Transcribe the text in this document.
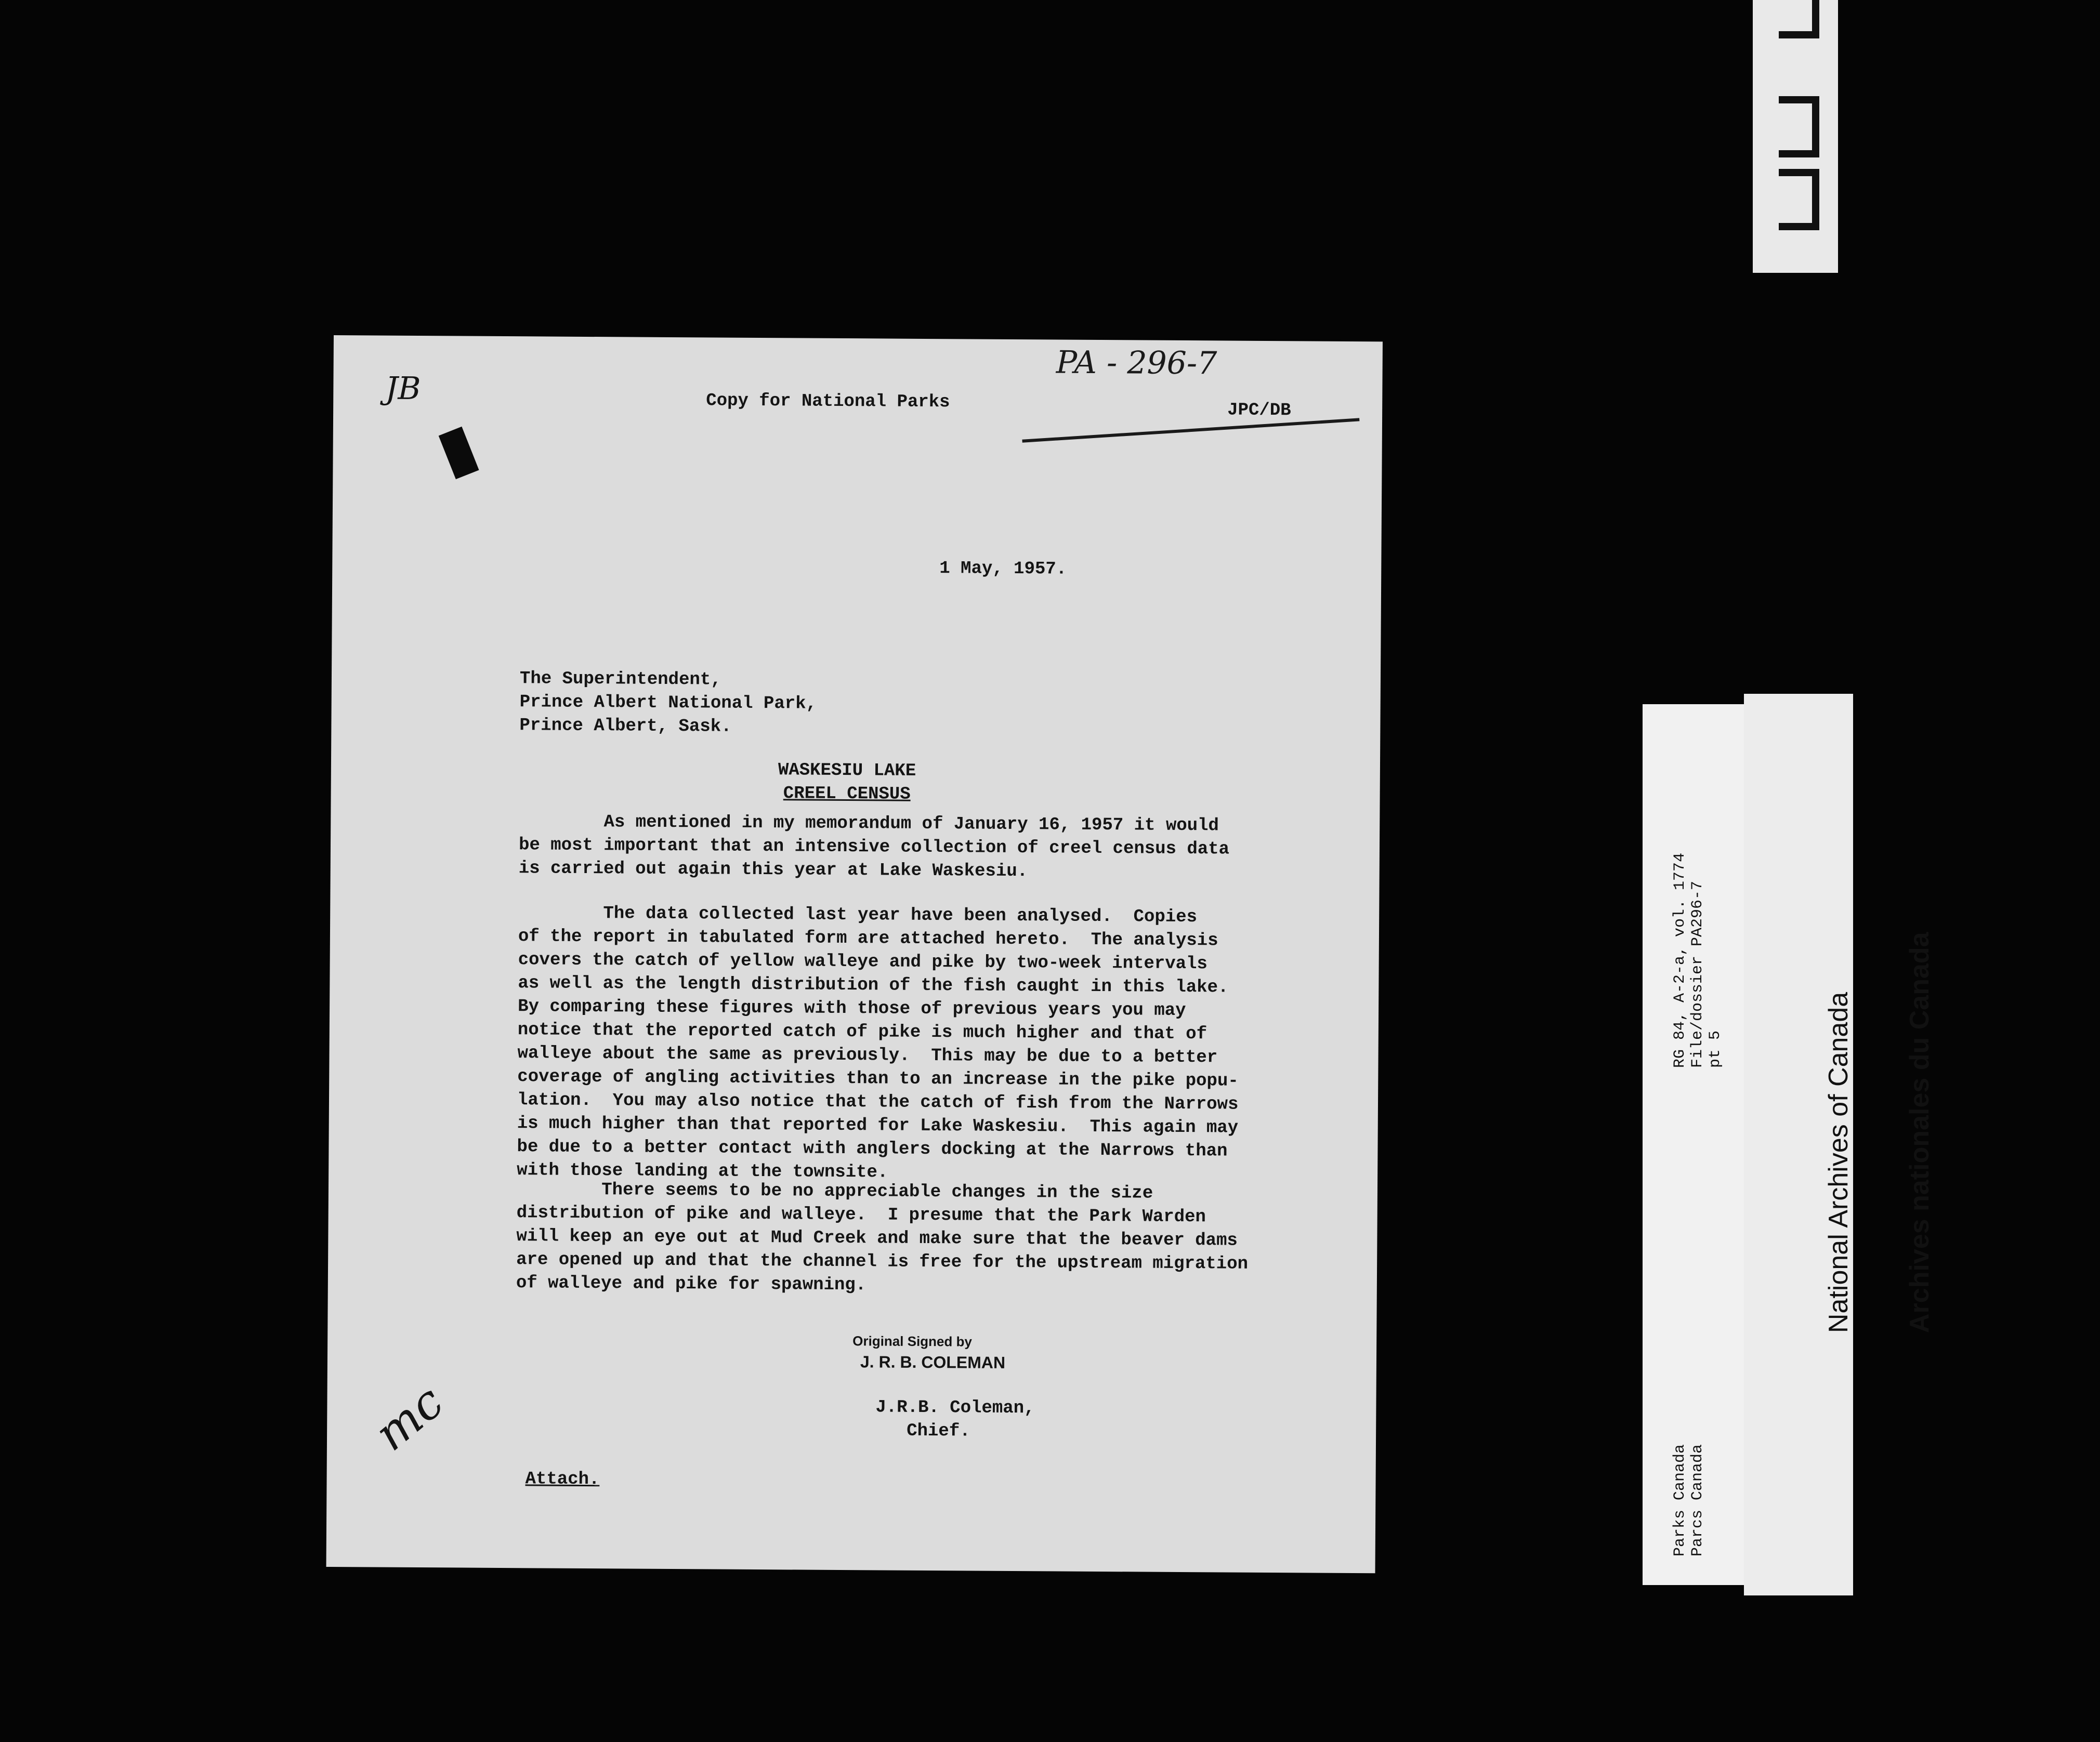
JB	Copy for National Parks
PA - 296-7
JPC/DB
1 May, 1957.
The Superintendent,
Prince Albert National Park,
Prince Albert, Sask.
WASKESIU LAKE
CREEL CENSUS
As mentioned in my memorandum of January 16, 1957 it would
be most important that an intensive collection of creel census data
is carried out again this year at Lake Waskesiu.
The data collected last year have been analysed.  Copies
of the report in tabulated form are attached hereto.  The analysis
covers the catch of yellow walleye and pike by two-week intervals
as well as the length distribution of the fish caught in this lake.
By comparing these figures with those of previous years you may
notice that the reported catch of pike is much higher and that of
walleye about the same as previously.  This may be due to a better
coverage of angling activities than to an increase in the pike popu-
lation.  You may also notice that the catch of fish from the Narrows
is much higher than that reported for Lake Waskesiu.  This again may
be due to a better contact with anglers docking at the Narrows than
with those landing at the townsite.
There seems to be no appreciable changes in the size
distribution of pike and walleye.  I presume that the Park Warden
will keep an eye out at Mud Creek and make sure that the beaver dams
are opened up and that the channel is free for the upstream migration
of walleye and pike for spawning.
Original Signed by
J. R. B. COLEMAN
J.R.B. Coleman,
Chief.
mc
Attach.
RG 84, A-2-a, vol. 1774
File/dossier PA296-7
pt 5
Parks Canada
Parcs Canada

National Archives of Canada

Archives nationales du Canada
